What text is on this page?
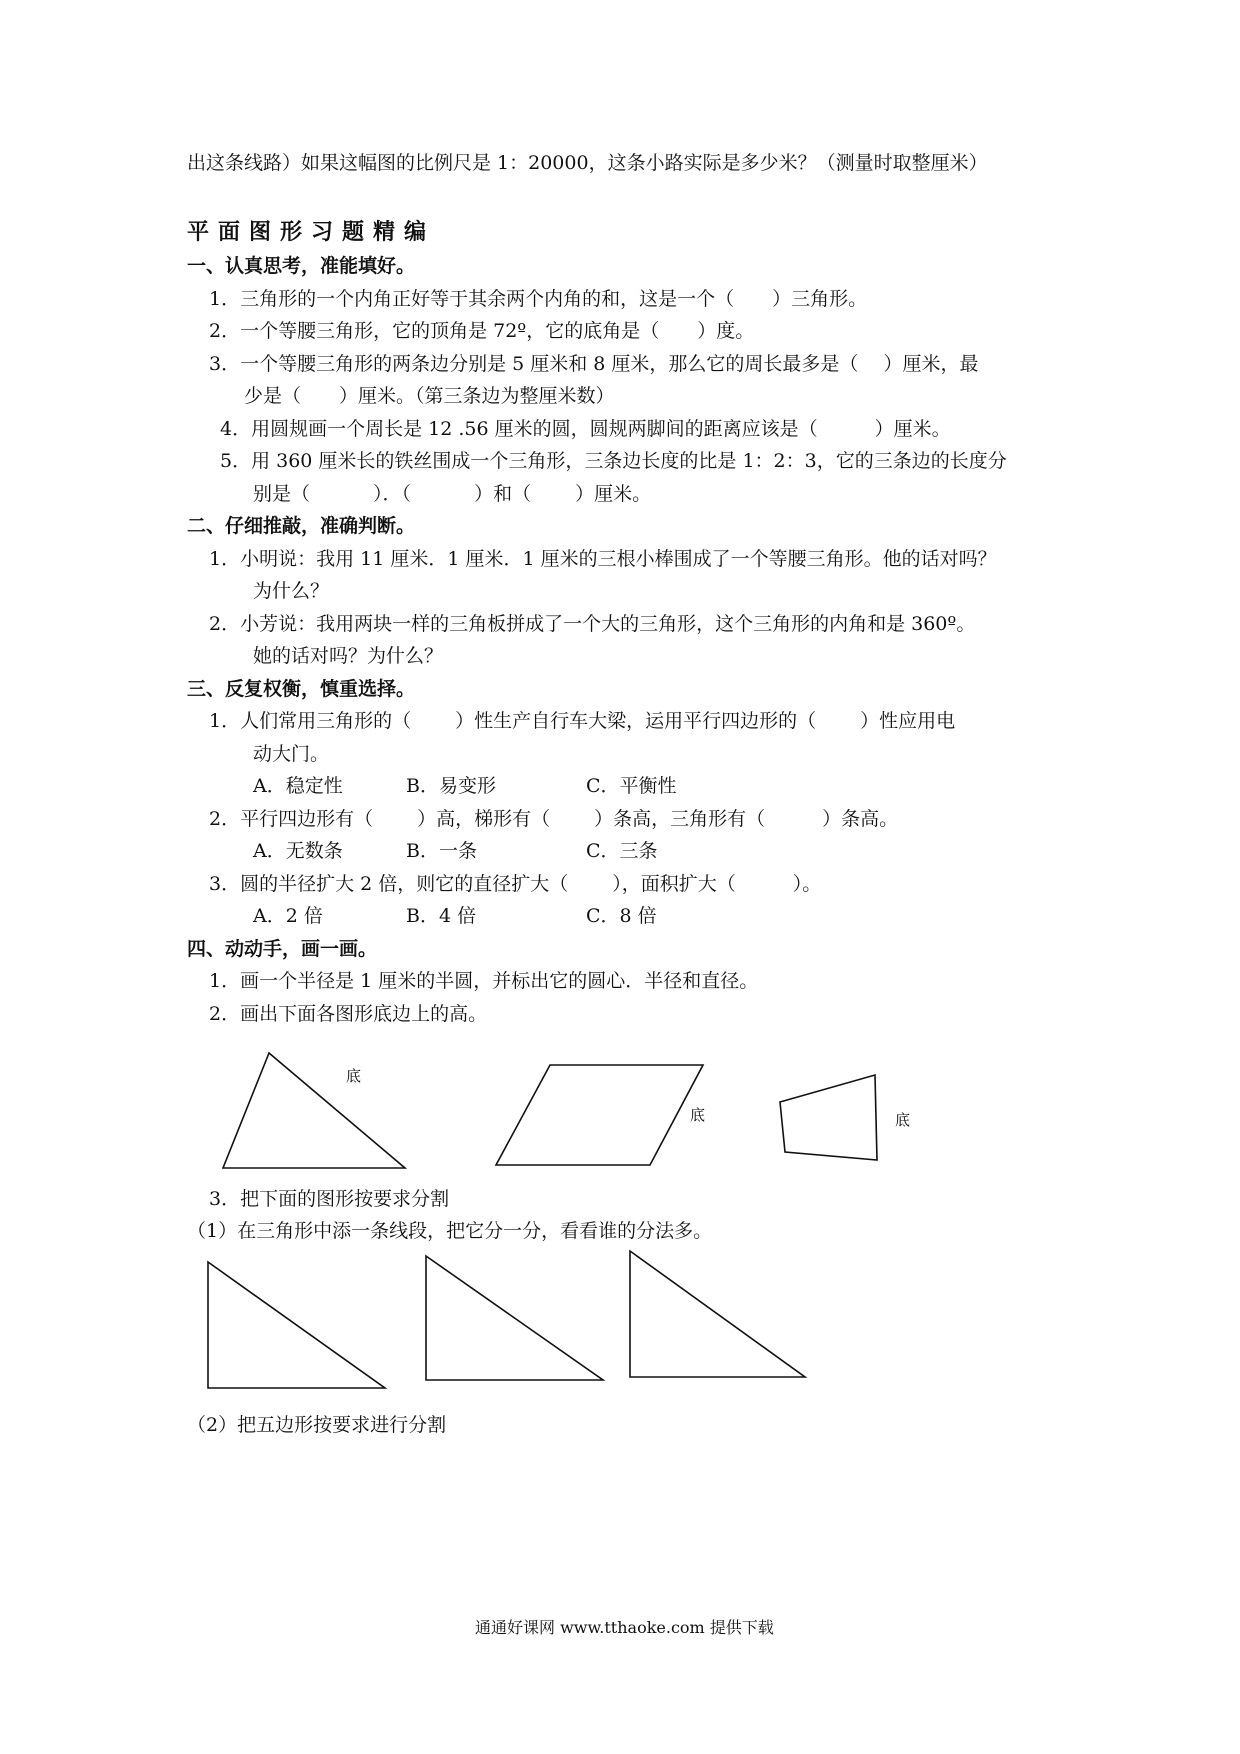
出这条线路）如果这幅图的比例尺是 1：20000，这条小路实际是多少米？（测量时取整厘米）
平面图形习题精编
一、认真思考，准能填好。
1．三角形的一个内角正好等于其余两个内角的和，这是一个（　　）三角形。
2．一个等腰三角形，它的顶角是 72º，它的底角是（　　）度。
3．一个等腰三角形的两条边分别是 5 厘米和 8 厘米，那么它的周长最多是（　 ）厘米，最
少是（　　）厘米。（第三条边为整厘米数）
4．用圆规画一个周长是 12 .56 厘米的圆，圆规两脚间的距离应该是（　　　）厘米。
5．用 360 厘米长的铁丝围成一个三角形，三条边长度的比是 1：2：3，它的三条边的长度分
别是（　　　 ）．（　　　 ）和（　　 ）厘米。
二、仔细推敲，准确判断。
1．小明说：我用 11 厘米．1 厘米．1 厘米的三根小棒围成了一个等腰三角形。他的话对吗？
为什么？
2．小芳说：我用两块一样的三角板拼成了一个大的三角形，这个三角形的内角和是 360º。
她的话对吗？为什么？
三、反复权衡，慎重选择。
1．人们常用三角形的（　　 ）性生产自行车大梁，运用平行四边形的（　　 ）性应用电
动大门。
A．稳定性	B．易变形	C．平衡性
2．平行四边形有（　　 ）高，梯形有（　　 ）条高，三角形有（　　　）条高。
A．无数条	B．一条	C．三条
3．圆的半径扩大 2 倍，则它的直径扩大（　　 ），面积扩大（　　　）。
A．2 倍	B．4 倍	C．8 倍
四、动动手，画一画。
1．画一个半径是 1 厘米的半圆，并标出它的圆心．半径和直径。
2．画出下面各图形底边上的高。
底
底	底
3．把下面的图形按要求分割
（1）在三角形中添一条线段，把它分一分，看看谁的分法多。
（2）把五边形按要求进行分割
通通好课网 www.tthaoke.com 提供下载
